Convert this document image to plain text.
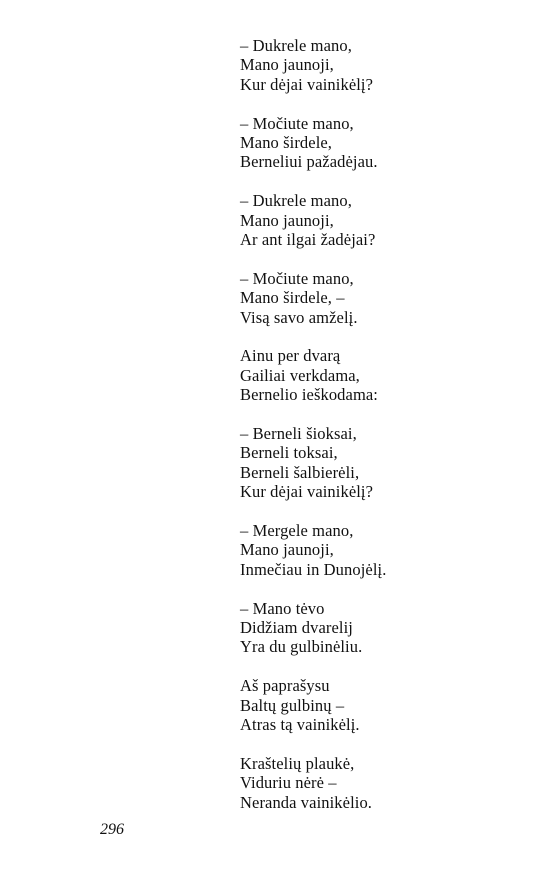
– Dukrele mano,
Mano jaunoji,
Kur dėjai vainikėlį?
– Močiute mano,
Mano širdele,
Berneliui pažadėjau.
– Dukrele mano,
Mano jaunoji,
Ar ant ilgai žadėjai?
– Močiute mano,
Mano širdele, –
Visą savo amželį.
Ainu per dvarą
Gailiai verkdama,
Bernelio ieškodama:
– Berneli šioksai,
Berneli toksai,
Berneli šalbierėli,
Kur dėjai vainikėlį?
– Mergele mano,
Mano jaunoji,
Inmečiau in Dunojėlį.
– Mano tėvo
Didžiam dvarelij
Yra du gulbinėliu.
Aš paprašysu
Baltų gulbinų –
Atras tą vainikėlį.
Kraštelių plaukė,
Viduriu nėrė –
Neranda vainikėlio.
296
